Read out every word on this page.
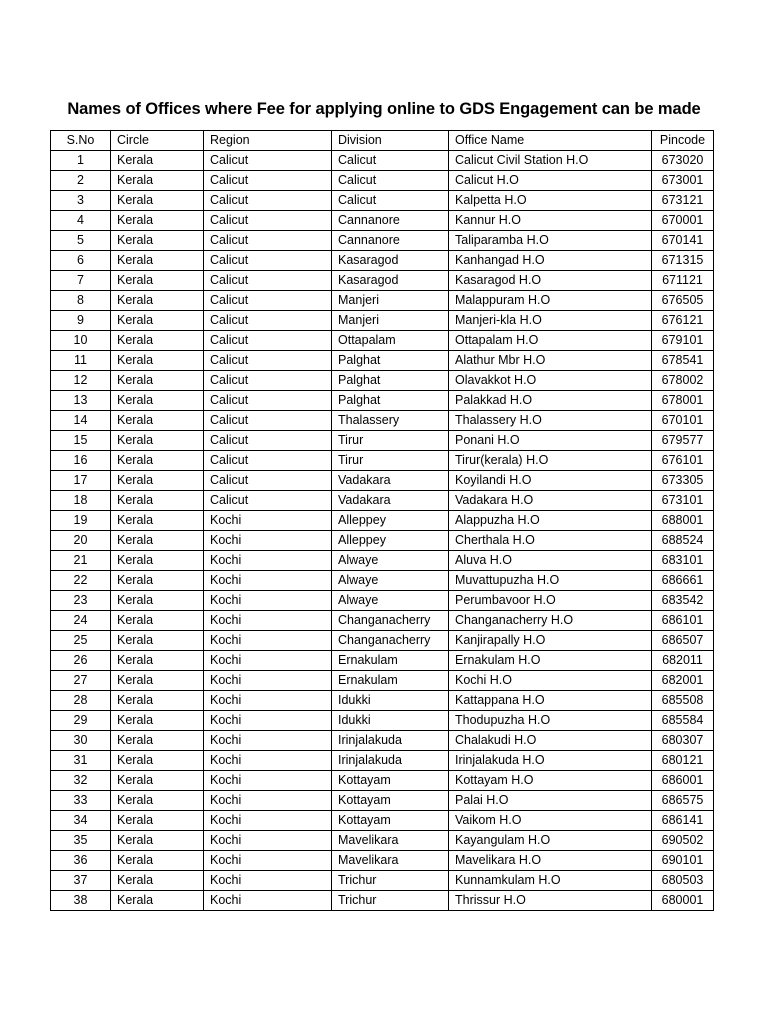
Names of Offices where Fee for applying online to GDS Engagement can be made
S.No	Circle	Region	Division	Office Name	Pincode
1	Kerala	Calicut	Calicut	Calicut Civil Station H.O	673020
2	Kerala	Calicut	Calicut	Calicut H.O	673001
3	Kerala	Calicut	Calicut	Kalpetta H.O	673121
4	Kerala	Calicut	Cannanore	Kannur H.O	670001
5	Kerala	Calicut	Cannanore	Taliparamba H.O	670141
6	Kerala	Calicut	Kasaragod	Kanhangad H.O	671315
7	Kerala	Calicut	Kasaragod	Kasaragod H.O	671121
8	Kerala	Calicut	Manjeri	Malappuram H.O	676505
9	Kerala	Calicut	Manjeri	Manjeri-kla H.O	676121
10	Kerala	Calicut	Ottapalam	Ottapalam H.O	679101
11	Kerala	Calicut	Palghat	Alathur Mbr H.O	678541
12	Kerala	Calicut	Palghat	Olavakkot H.O	678002
13	Kerala	Calicut	Palghat	Palakkad H.O	678001
14	Kerala	Calicut	Thalassery	Thalassery H.O	670101
15	Kerala	Calicut	Tirur	Ponani H.O	679577
16	Kerala	Calicut	Tirur	Tirur(kerala) H.O	676101
17	Kerala	Calicut	Vadakara	Koyilandi H.O	673305
18	Kerala	Calicut	Vadakara	Vadakara H.O	673101
19	Kerala	Kochi	Alleppey	Alappuzha H.O	688001
20	Kerala	Kochi	Alleppey	Cherthala H.O	688524
21	Kerala	Kochi	Alwaye	Aluva H.O	683101
22	Kerala	Kochi	Alwaye	Muvattupuzha H.O	686661
23	Kerala	Kochi	Alwaye	Perumbavoor H.O	683542
24	Kerala	Kochi	Changanacherry	Changanacherry H.O	686101
25	Kerala	Kochi	Changanacherry	Kanjirapally H.O	686507
26	Kerala	Kochi	Ernakulam	Ernakulam H.O	682011
27	Kerala	Kochi	Ernakulam	Kochi H.O	682001
28	Kerala	Kochi	Idukki	Kattappana H.O	685508
29	Kerala	Kochi	Idukki	Thodupuzha H.O	685584
30	Kerala	Kochi	Irinjalakuda	Chalakudi H.O	680307
31	Kerala	Kochi	Irinjalakuda	Irinjalakuda H.O	680121
32	Kerala	Kochi	Kottayam	Kottayam H.O	686001
33	Kerala	Kochi	Kottayam	Palai H.O	686575
34	Kerala	Kochi	Kottayam	Vaikom H.O	686141
35	Kerala	Kochi	Mavelikara	Kayangulam H.O	690502
36	Kerala	Kochi	Mavelikara	Mavelikara H.O	690101
37	Kerala	Kochi	Trichur	Kunnamkulam H.O	680503
38	Kerala	Kochi	Trichur	Thrissur H.O	680001
